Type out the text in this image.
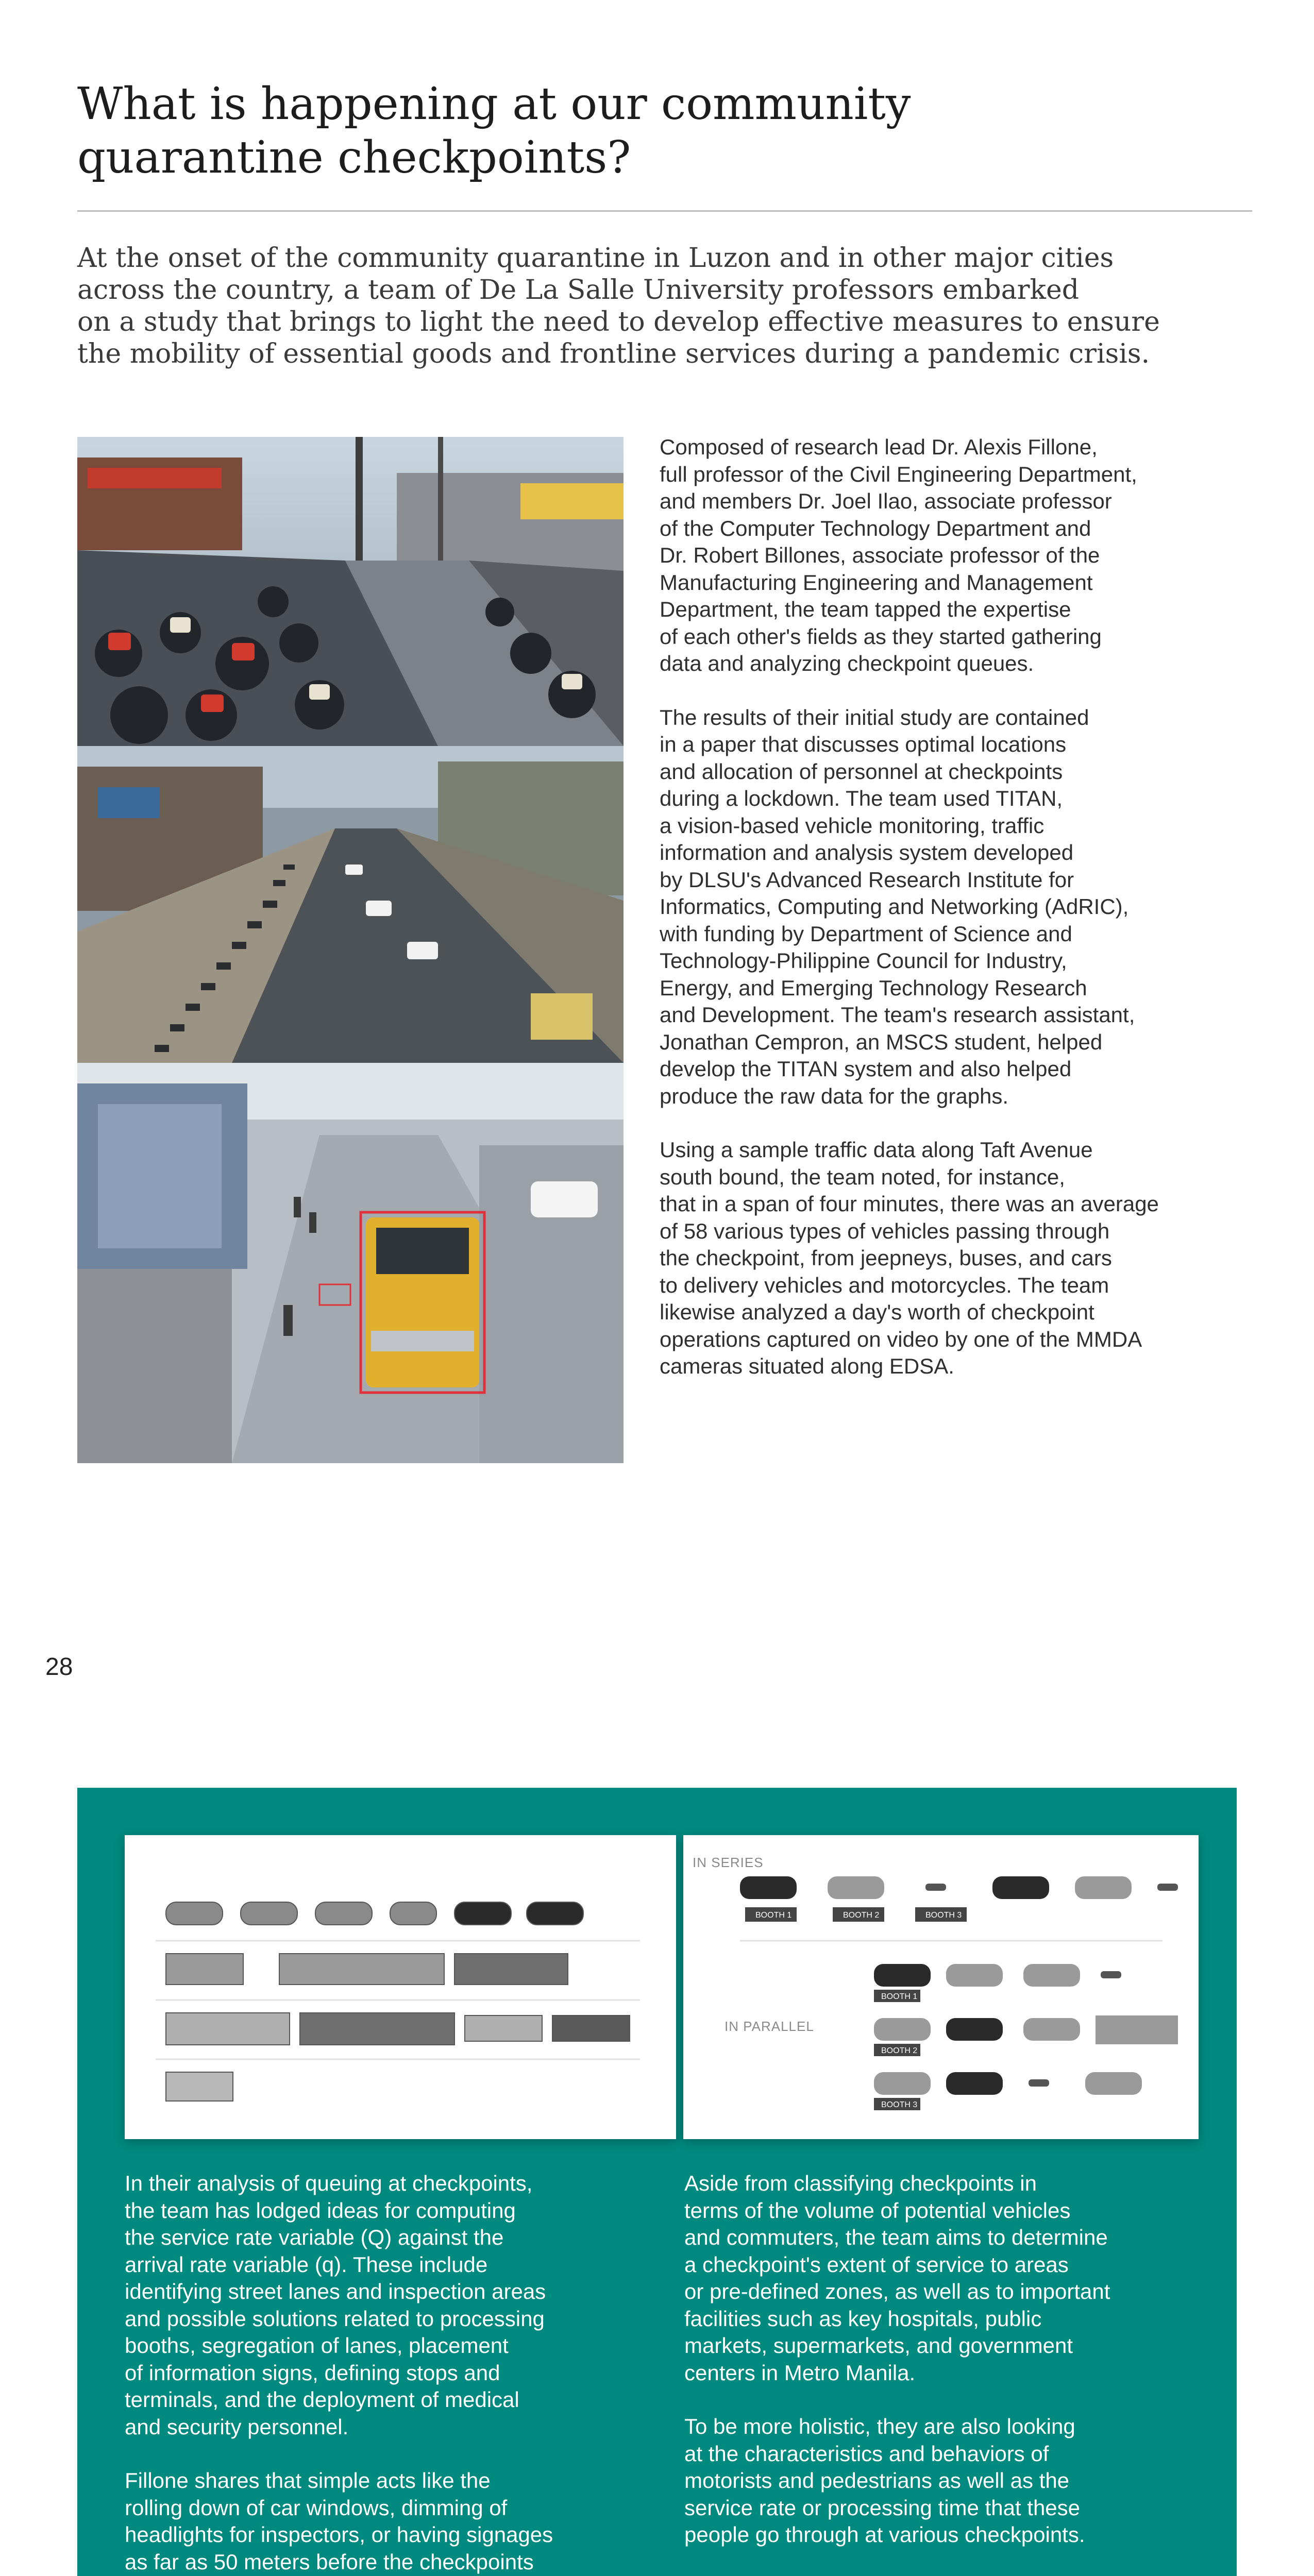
What is happening at our community
quarantine checkpoints?

At the onset of the community quarantine in Luzon and in other major cities
across the country, a team of De La Salle University professors embarked
on a study that brings to light the need to develop effective measures to ensure
the mobility of essential goods and frontline services during a pandemic crisis.

Composed of research lead Dr. Alexis Fillone,
full professor of the Civil Engineering Department,
and members Dr. Joel Ilao, associate professor
of the Computer Technology Department and
Dr. Robert Billones, associate professor of the
Manufacturing Engineering and Management
Department, the team tapped the expertise
of each other's fields as they started gathering
data and analyzing checkpoint queues.

The results of their initial study are contained
in a paper that discusses optimal locations
and allocation of personnel at checkpoints
during a lockdown. The team used TITAN,
a vision-based vehicle monitoring, traffic
information and analysis system developed
by DLSU's Advanced Research Institute for
Informatics, Computing and Networking (AdRIC),
with funding by Department of Science and
Technology-Philippine Council for Industry,
Energy, and Emerging Technology Research
and Development. The team's research assistant,
Jonathan Cempron, an MSCS student, helped
develop the TITAN system and also helped
produce the raw data for the graphs.

Using a sample traffic data along Taft Avenue
south bound, the team noted, for instance,
that in a span of four minutes, there was an average
of 58 various types of vehicles passing through
the checkpoint, from jeepneys, buses, and cars
to delivery vehicles and motorcycles. The team
likewise analyzed a day's worth of checkpoint
operations captured on video by one of the MMDA
cameras situated along EDSA.

28
IN SERIES
BOOTH 1	BOOTH 2	BOOTH 3
IN PARALLEL
BOOTH 1
BOOTH 2
BOOTH 3

In their analysis of queuing at checkpoints,
the team has lodged ideas for computing
the service rate variable (Q) against the
arrival rate variable (q). These include
identifying street lanes and inspection areas
and possible solutions related to processing
booths, segregation of lanes, placement
of information signs, defining stops and
terminals, and the deployment of medical
and security personnel.

Fillone shares that simple acts like the
rolling down of car windows, dimming of
headlights for inspectors, or having signages
as far as 50 meters before the checkpoints

Aside from classifying checkpoints in
terms of the volume of potential vehicles
and commuters, the team aims to determine
a checkpoint's extent of service to areas
or pre-defined zones, as well as to important
facilities such as key hospitals, public
markets, supermarkets, and government
centers in Metro Manila.

To be more holistic, they are also looking
at the characteristics and behaviors of
motorists and pedestrians as well as the
service rate or processing time that these
people go through at various checkpoints.
